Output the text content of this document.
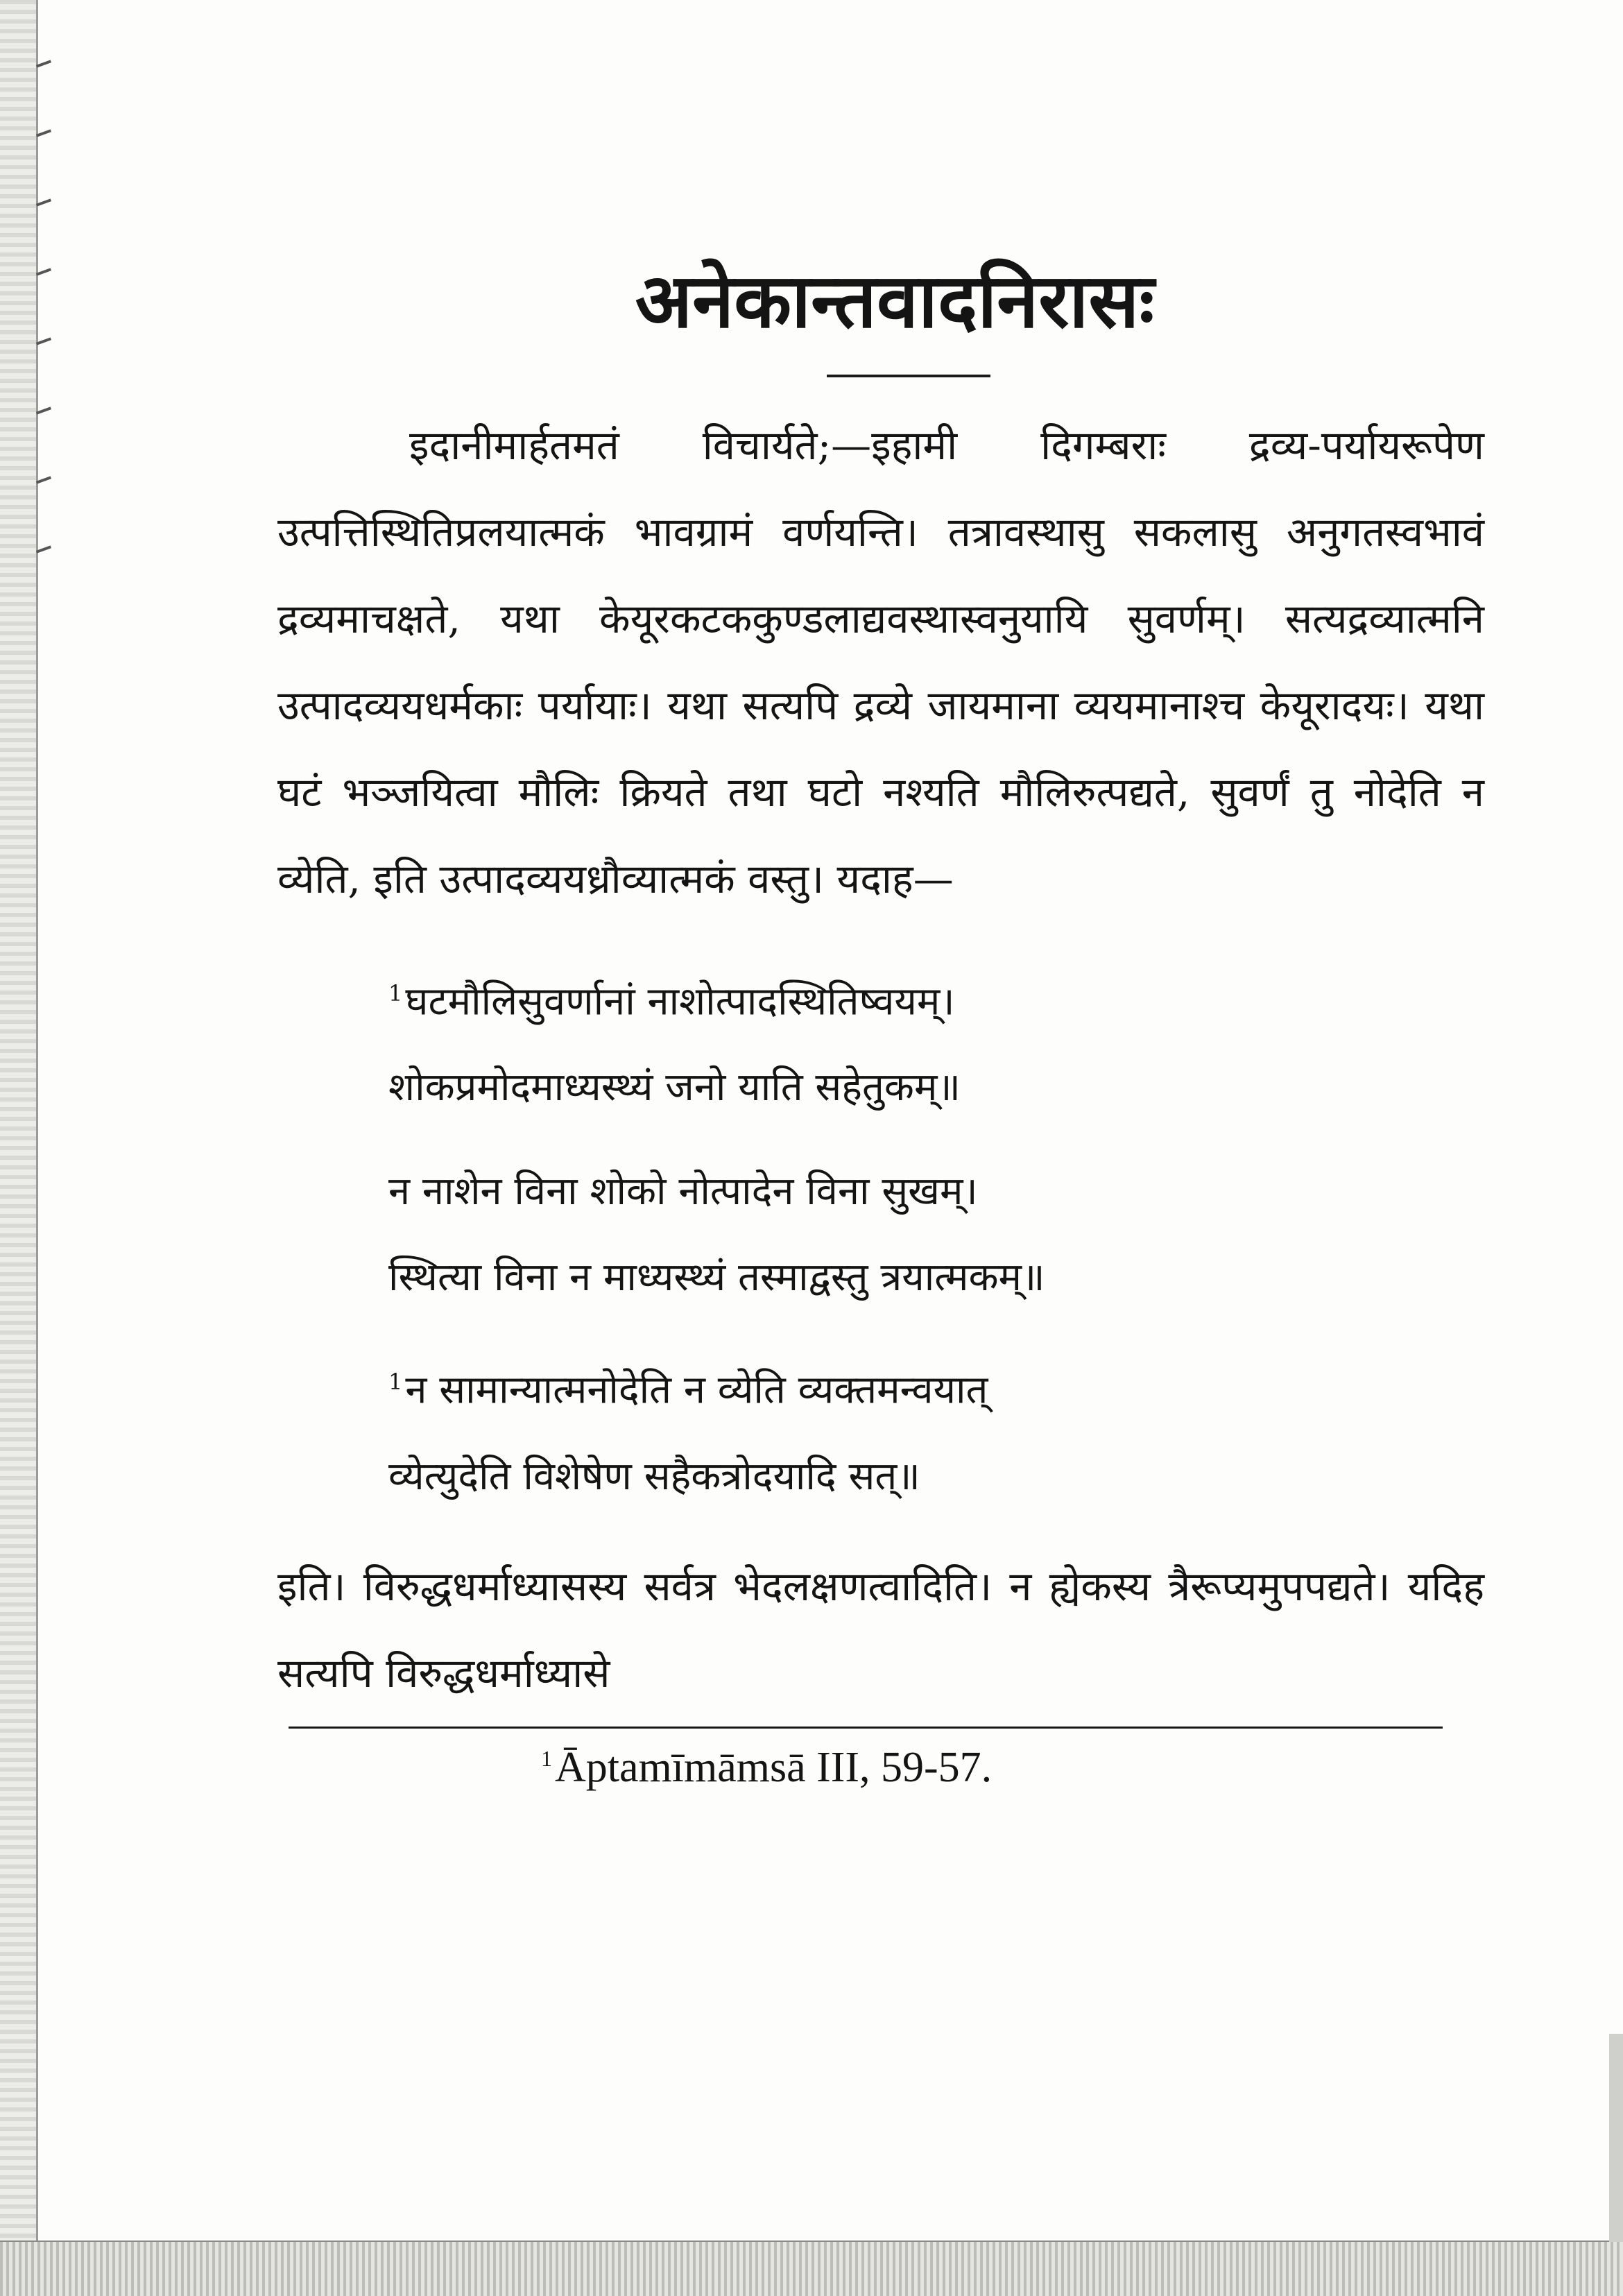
अनेकान्तवादनिरासः

इदानीमार्हतमतं विचार्यते;—इहामी दिगम्बराः द्रव्य-पर्यायरूपेण उत्पत्तिस्थितिप्रलयात्मकं भावग्रामं वर्णयन्ति। तत्रावस्थासु सकलासु अनुगतस्वभावं द्रव्यमाचक्षते, यथा केयूरकटककुण्डलाद्यवस्थास्वनुयायि सुवर्णम्। सत्यद्रव्यात्मनि उत्पादव्ययधर्मकाः पर्यायाः। यथा सत्यपि द्रव्ये जायमाना व्ययमानाश्च केयूरादयः। यथा घटं भञ्जयित्वा मौलिः क्रियते तथा घटो नश्यति मौलिरुत्पद्यते, सुवर्णं तु नोदेति न व्येति, इति उत्पादव्ययध्रौव्यात्मकं वस्तु। यदाह—

$^1$घटमौलिसुवर्णानां नाशोत्पादस्थितिष्वयम्।
शोकप्रमोदमाध्यस्थ्यं जनो याति सहेतुकम्॥
न नाशेन विना शोको नोत्पादेन विना सुखम्।
स्थित्या विना न माध्यस्थ्यं तस्माद्वस्तु त्रयात्मकम्॥
$^1$न सामान्यात्मनोदेति न व्येति व्यक्तमन्वयात्
व्येत्युदेति विशेषेण सहैकत्रोदयादि सत्॥

इति। विरुद्धधर्माध्यासस्य सर्वत्र भेदलक्षणत्वादिति। न ह्येकस्य त्रैरूप्यमुपपद्यते। यदिह सत्यपि विरुद्धधर्माध्यासे

$^1$Āptamīmāmsā III, 59-57.
